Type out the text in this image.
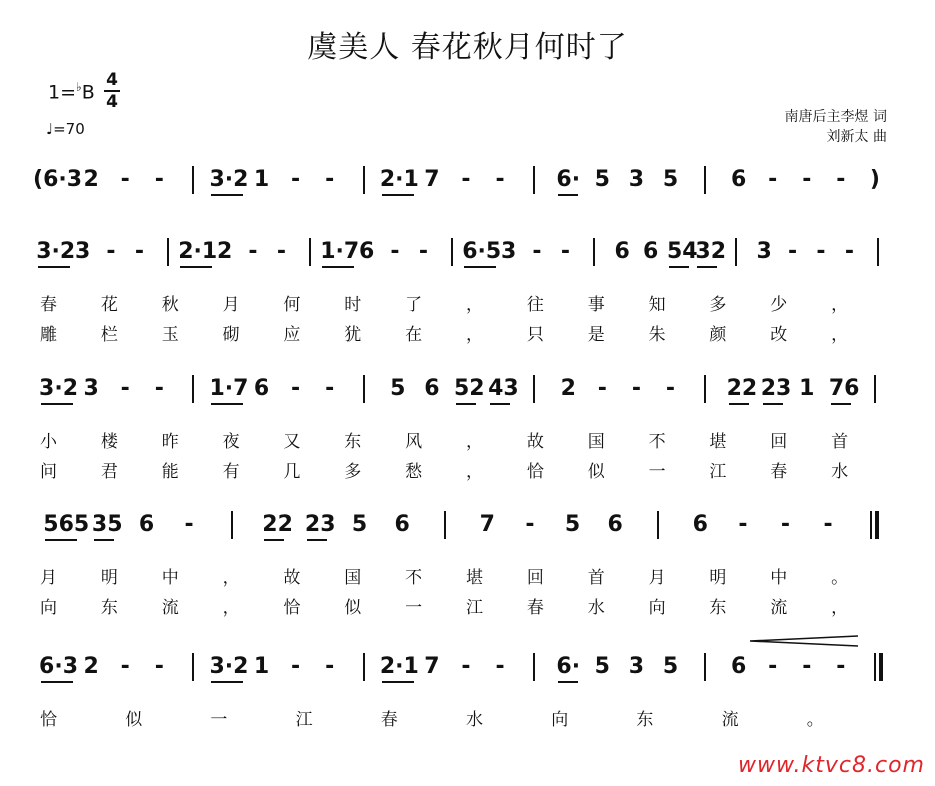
虞美人 春花秋月何时了
1=♭B
4
4
♩=70
南唐后主李煜 词
刘新太 曲
(6·3 2 - - 3·2 1 - - 2·1 7 - - 6· 5 3 5 6 - - - )
3·2 3 - - 2·1 2 - - 1·7 6 - - 6·5 3 - - 6 6 54
32 3 - - -
春花秋月何时了，往事知多少，
雕栏玉砌应犹在，只是朱颜改，
3·2 3 - - 1·7 6 - -	5 6 52 43 2 - - - 22 23 1 76
小楼昨夜又东风，故国不堪回首
问君能有几多愁，恰似一江春水
565 35 6 -	22 23 5 6	7 - 5 6	6 - - -
月明中，故国不堪回首月明中。
向东流，恰似一江春水向东流，
6·3 2 - - 3·2 1 - - 2·1 7 - - 6· 5 3 5 6 - - -
恰似一江春水向东流。
www.ktvc8.com
